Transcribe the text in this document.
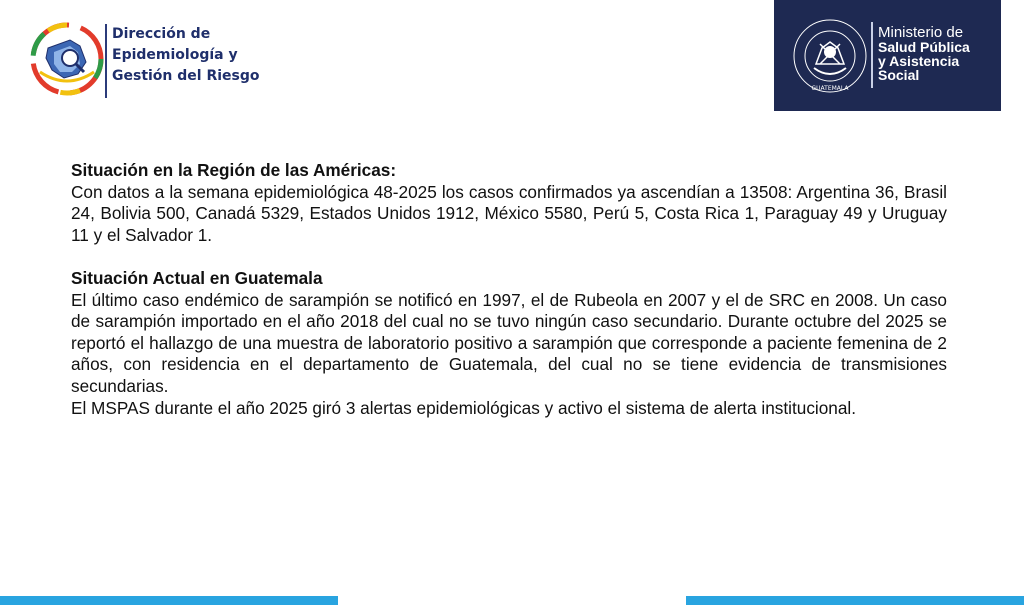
Dirección de
Epidemiología y
Gestión del Riesgo
GUATEMALA
Ministerio de
Salud Pública
y Asistencia
Social
Situación en la Región de las Américas:

Con datos a la semana epidemiológica 48-2025 los casos confirmados ya ascendían a 13508: Argentina 36, Brasil 24, Bolivia 500, Canadá 5329, Estados Unidos 1912, México 5580, Perú 5, Costa Rica 1, Paraguay 49 y Uruguay 11 y el Salvador 1.

Situación Actual en Guatemala

El último caso endémico de sarampión se notificó en 1997, el de Rubeola en 2007 y el de SRC en 2008. Un caso de sarampión importado en el año 2018 del cual no se tuvo ningún caso secundario. Durante octubre del 2025 se reportó el hallazgo de una muestra de laboratorio positivo a sarampión que corresponde a paciente femenina de 2 años, con residencia en el departamento de Guatemala, del cual no se tiene evidencia de transmisiones secundarias.

El MSPAS durante el año 2025 giró 3 alertas epidemiológicas y activo el sistema de alerta institucional.
